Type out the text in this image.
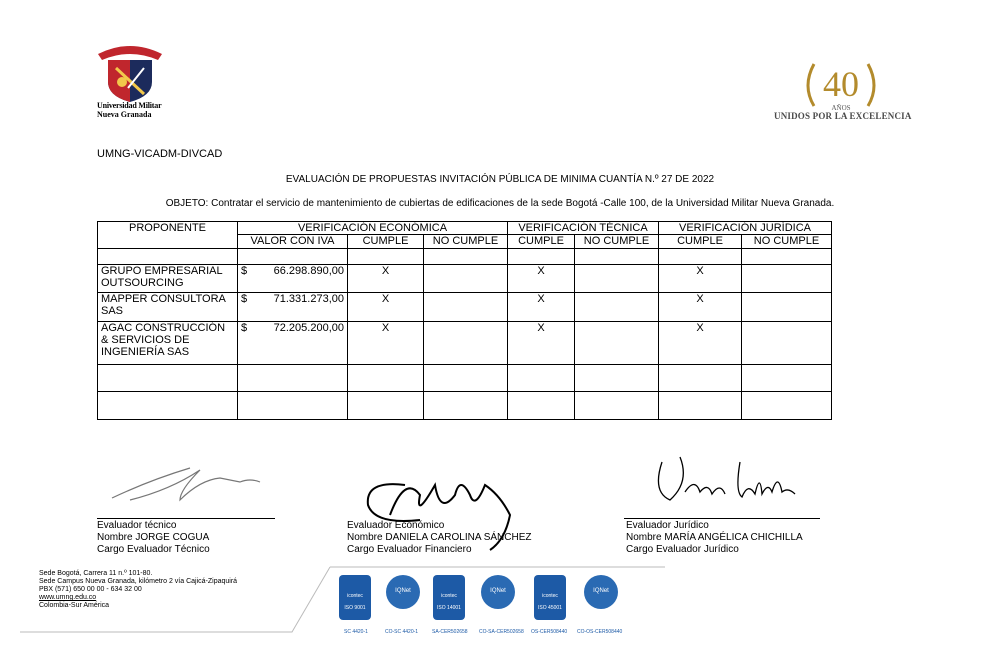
Universidad Militar
Nueva Granada
40
AÑOS
UNIDOS POR LA EXCELENCIA
UMNG-VICADM-DIVCAD
EVALUACIÓN DE PROPUESTAS INVITACIÓN PÚBLICA DE MINIMA CUANTÍA N.º 27 DE 2022
OBJETO: Contratar el servicio de mantenimiento de cubiertas de edificaciones de la sede Bogotá -Calle 100, de la Universidad Militar Nueva Granada.
PROPONENTE	VERIFICACIÓN ECONÓMICA			VERIFICACIÓN TÉCNICA		VERIFICACIÓN JURÍDICA	
	VALOR CON IVA	CUMPLE	NO CUMPLE	CUMPLE	NO CUMPLE	CUMPLE	NO CUMPLE

GRUPO EMPRESARIAL OUTSOURCING	$ 66.298.890,00	X		X		X	
MAPPER CONSULTORA SAS	$ 71.331.273,00	X		X		X	
AGAC CONSTRUCCIÓN & SERVICIOS DE INGENIERÍA SAS	$ 72.205.200,00	X		X		X	

Evaluador técnico
Nombre JORGE COGUA
Cargo Evaluador Técnico
Evaluador Económico
Nombre DANIELA CAROLINA SÁNCHEZ
Cargo Evaluador Financiero
Evaluador Jurídico
Nombre MARÍA ANGÉLICA CHICHILLA
Cargo Evaluador Jurídico
Sede Bogotá, Carrera 11 n.º 101-80.
Sede Campus Nueva Granada, kilómetro 2 vía Cajicá-Zipaquirá
PBX (571) 650 00 00 - 634 32 00
www.umng.edu.co
Colombia-Sur América
icontec
ISO 9001
IQNet
icontec
ISO 14001
IQNet
icontec
ISO 45001
IQNet
SC 4420-1	CO-SC 4420-1	SA-CER502658 CO-SA-CER502658 OS-CER508440 CO-OS-CER508440
